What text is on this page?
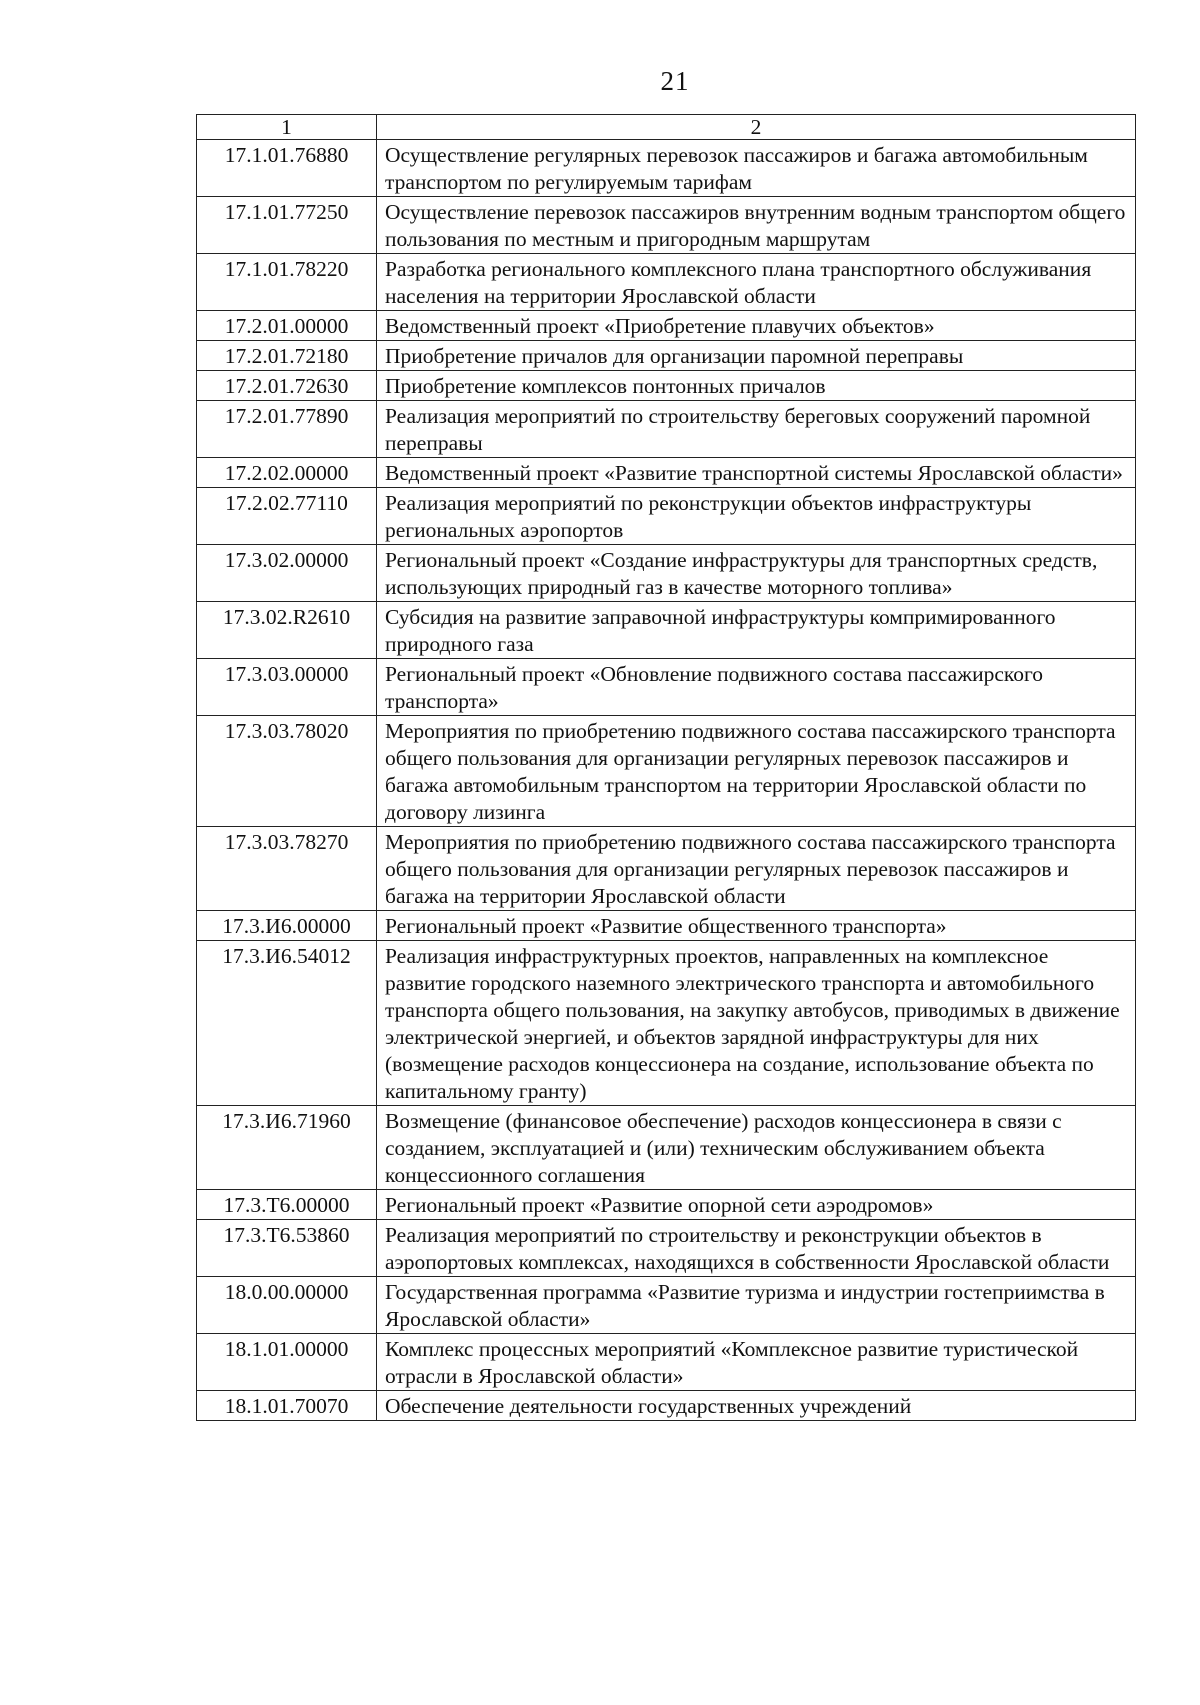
21
1	2
17.1.01.76880	Осуществление регулярных перевозок пассажиров и багажа автомобильным транспортом по регулируемым тарифам
17.1.01.77250	Осуществление перевозок пассажиров внутренним водным транспортом общего пользования по местным и пригородным маршрутам
17.1.01.78220	Разработка регионального комплексного плана транспортного обслуживания населения на территории Ярославской области
17.2.01.00000	Ведомственный проект «Приобретение плавучих объектов»
17.2.01.72180	Приобретение причалов для организации паромной переправы
17.2.01.72630	Приобретение комплексов понтонных причалов
17.2.01.77890	Реализация мероприятий по строительству береговых сооружений паромной переправы
17.2.02.00000	Ведомственный проект «Развитие транспортной системы Ярославской области»
17.2.02.77110	Реализация мероприятий по реконструкции объектов инфраструктуры региональных аэропортов
17.3.02.00000	Региональный проект «Создание инфраструктуры для транспортных средств, использующих природный газ в качестве моторного топлива»
17.3.02.R2610	Субсидия на развитие заправочной инфраструктуры компримированного природного газа
17.3.03.00000	Региональный проект «Обновление подвижного состава пассажирского транспорта»
17.3.03.78020	Мероприятия по приобретению подвижного состава пассажирского транспорта общего пользования для организации регулярных перевозок пассажиров и багажа автомобильным транспортом на территории Ярославской области по договору лизинга
17.3.03.78270	Мероприятия по приобретению подвижного состава пассажирского транспорта общего пользования для организации регулярных перевозок пассажиров и багажа на территории Ярославской области
17.3.И6.00000	Региональный проект «Развитие общественного транспорта»
17.3.И6.54012	Реализация инфраструктурных проектов, направленных на комплексное развитие городского наземного электрического транспорта и автомобильного транспорта общего пользования, на закупку автобусов, приводимых в движение электрической энергией, и объектов зарядной инфраструктуры для них (возмещение расходов концессионера на создание, использование объекта по капитальному гранту)
17.3.И6.71960	Возмещение (финансовое обеспечение) расходов концессионера в связи с созданием, эксплуатацией и (или) техническим обслуживанием объекта концессионного соглашения
17.3.Т6.00000	Региональный проект «Развитие опорной сети аэродромов»
17.3.Т6.53860	Реализация мероприятий по строительству и реконструкции объектов в аэропортовых комплексах, находящихся в собственности Ярославской области
18.0.00.00000	Государственная программа «Развитие туризма и индустрии гостеприимства в Ярославской области»
18.1.01.00000	Комплекс процессных мероприятий «Комплексное развитие туристической отрасли в Ярославской области»
18.1.01.70070	Обеспечение деятельности государственных учреждений
